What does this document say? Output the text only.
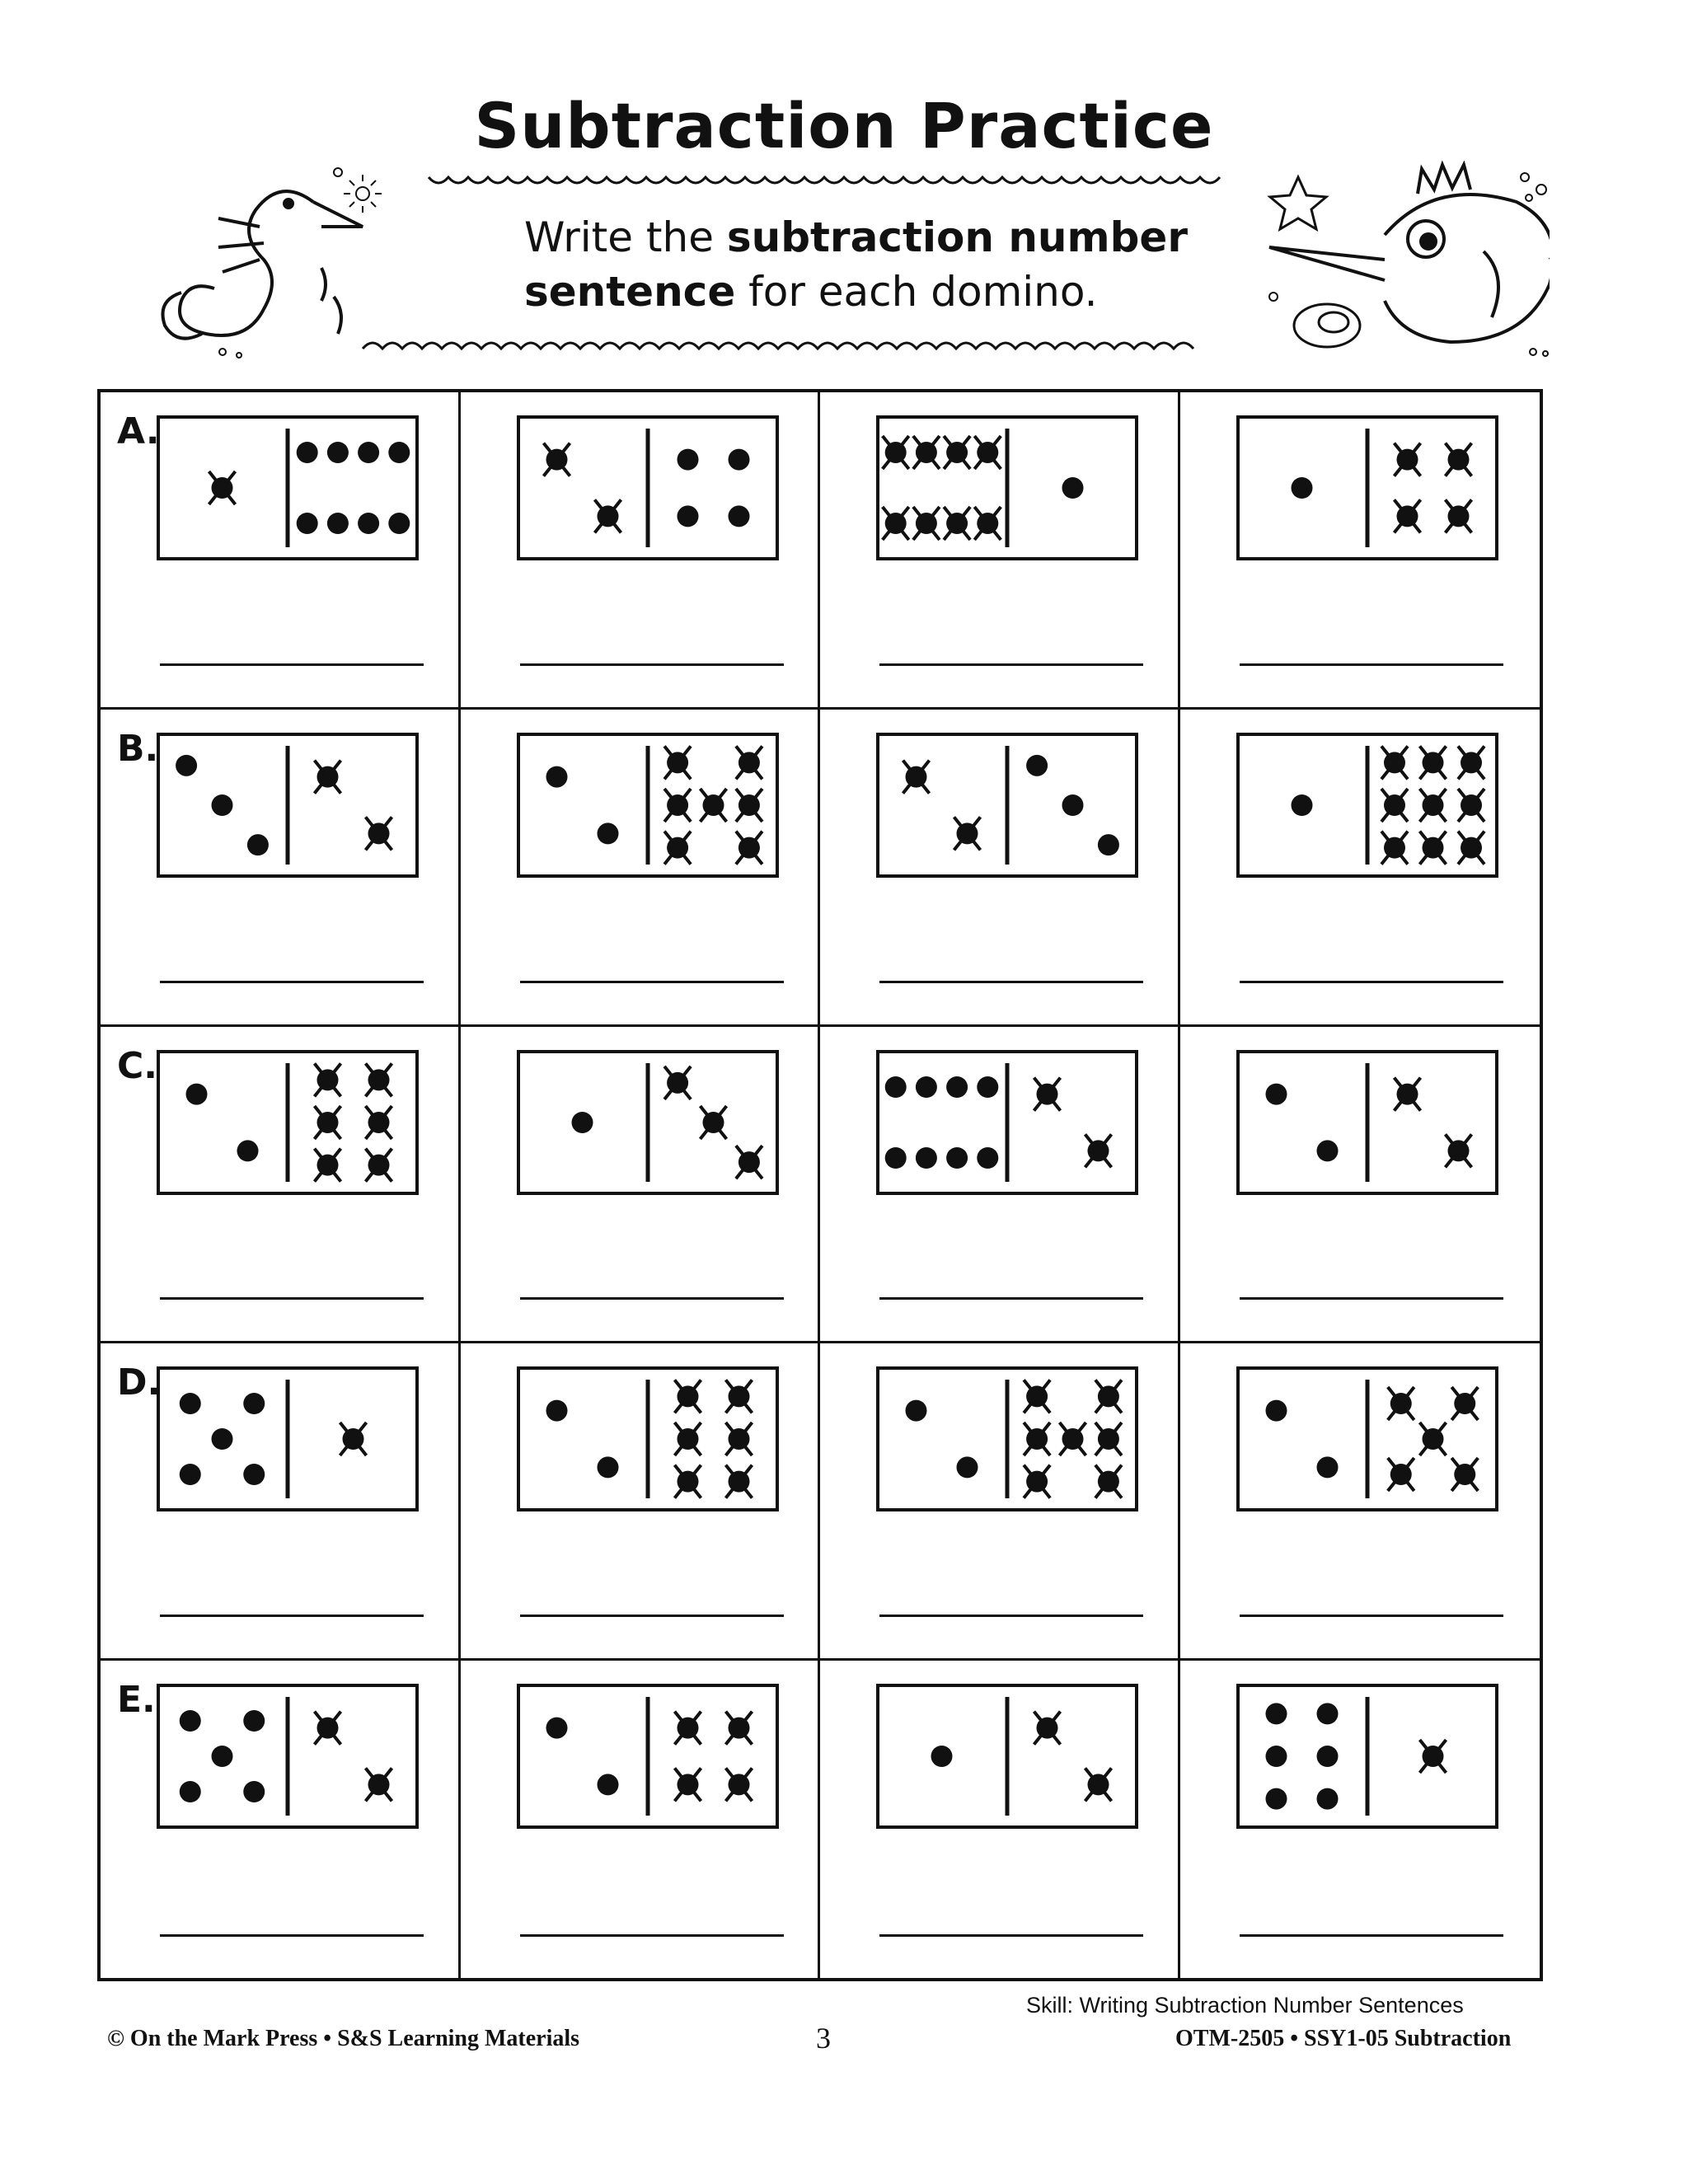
Subtraction Practice
Write the subtraction number
sentence for each domino.
A.
B.
C.
D.
E.
© On the Mark Press • S&S Learning Materials	3
Skill: Writing Subtraction Number Sentences
OTM-2505 • SSY1-05 Subtraction
